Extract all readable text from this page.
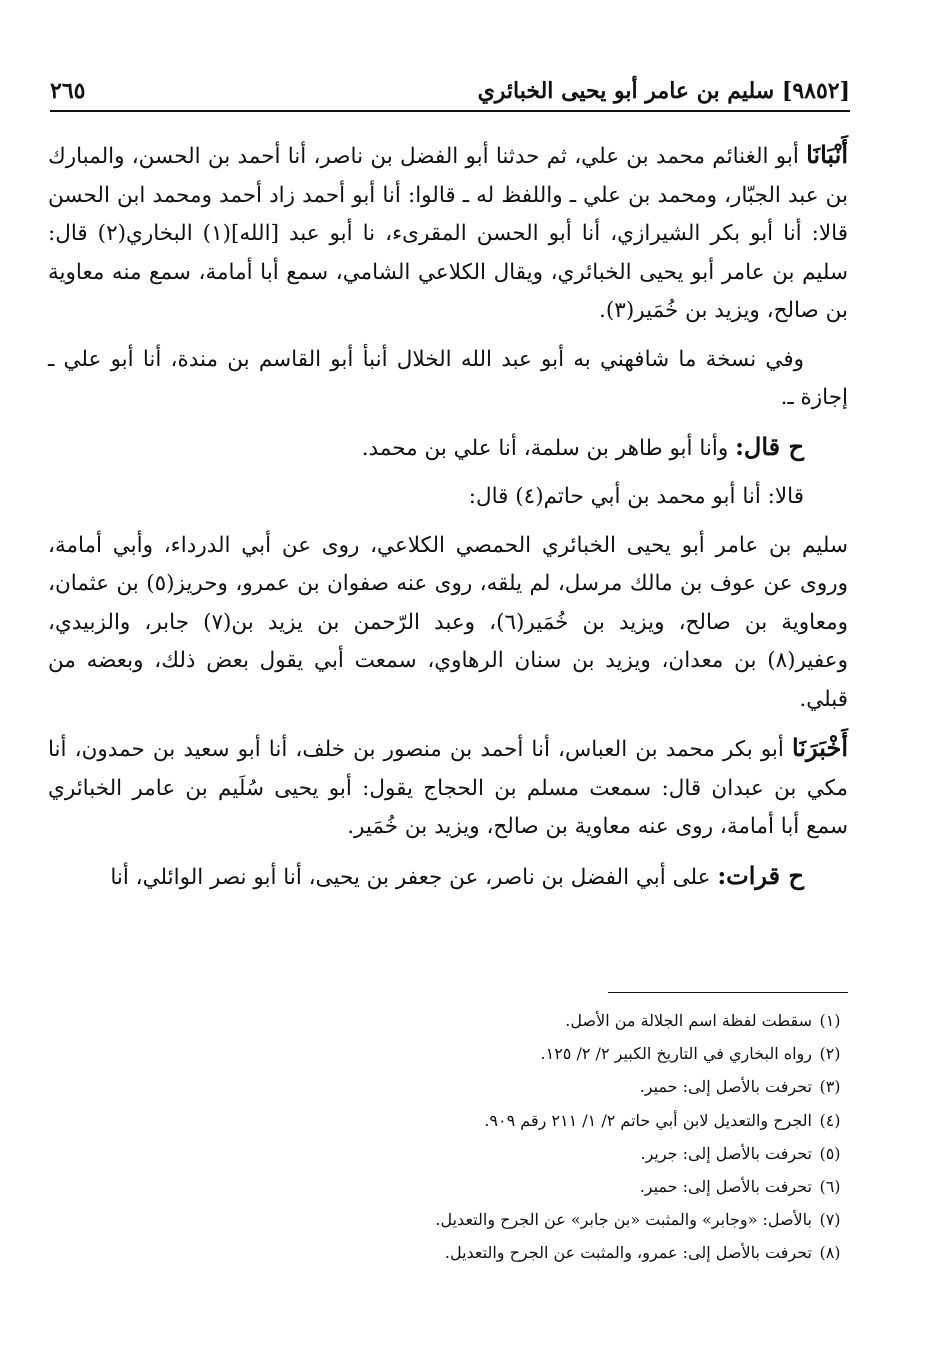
[٩٨٥٢] سليم بن عامر أبو يحيى الخبائري
٢٦٥

أَنْبَانَا أبو الغنائم محمد بن علي، ثم حدثنا أبو الفضل بن ناصر، أنا أحمد بن الحسن، والمبارك بن عبد الجبّار، ومحمد بن علي ـ واللفظ له ـ قالوا: أنا أبو أحمد زاد أحمد ومحمد ابن الحسن قالا: أنا أبو بكر الشيرازي، أنا أبو الحسن المقرىء، نا أبو عبد [الله](١) البخاري(٢) قال: سليم بن عامر أبو يحيى الخبائري، ويقال الكلاعي الشامي، سمع أبا أمامة، سمع منه معاوية بن صالح، ويزيد بن خُمَير(٣).

وفي نسخة ما شافهني به أبو عبد الله الخلال أنبأ أبو القاسم بن مندة، أنا أبو علي ـ إجازة ـ.

ح قال: وأنا أبو طاهر بن سلمة، أنا علي بن محمد.

قالا: أنا أبو محمد بن أبي حاتم(٤) قال:

سليم بن عامر أبو يحيى الخبائري الحمصي الكلاعي، روى عن أبي الدرداء، وأبي أمامة، وروى عن عوف بن مالك مرسل، لم يلقه، روى عنه صفوان بن عمرو، وحريز(٥) بن عثمان، ومعاوية بن صالح، ويزيد بن خُمَير(٦)، وعبد الرّحمن بن يزيد بن(٧) جابر، والزبيدي، وعفير(٨) بن معدان، ويزيد بن سنان الرهاوي، سمعت أبي يقول بعض ذلك، وبعضه من قبلي.

أَخْبَرَنَا أبو بكر محمد بن العباس، أنا أحمد بن منصور بن خلف، أنا أبو سعيد بن حمدون، أنا مكي بن عبدان قال: سمعت مسلم بن الحجاج يقول: أبو يحيى سُلَيم بن عامر الخبائري سمع أبا أمامة، روى عنه معاوية بن صالح، ويزيد بن خُمَير.

ح قرات: على أبي الفضل بن ناصر، عن جعفر بن يحيى، أنا أبو نصر الوائلي، أنا

(١)
سقطت لفظة اسم الجلالة من الأصل.
(٢)
رواه البخاري في التاريخ الكبير ٢/ ٢/ ١٢٥.
(٣)
تحرفت بالأصل إلى: حمير.
(٤)
الجرح والتعديل لابن أبي حاتم ٢/ ١/ ٢١١ رقم ٩٠٩.
(٥)
تحرفت بالأصل إلى: جرير.
(٦)
تحرفت بالأصل إلى: حمير.
(٧)
بالأصل: «وجابر» والمثبت «بن جابر» عن الجرح والتعديل.
(٨)
تحرفت بالأصل إلى: عمرو، والمثبت عن الجرح والتعديل.
